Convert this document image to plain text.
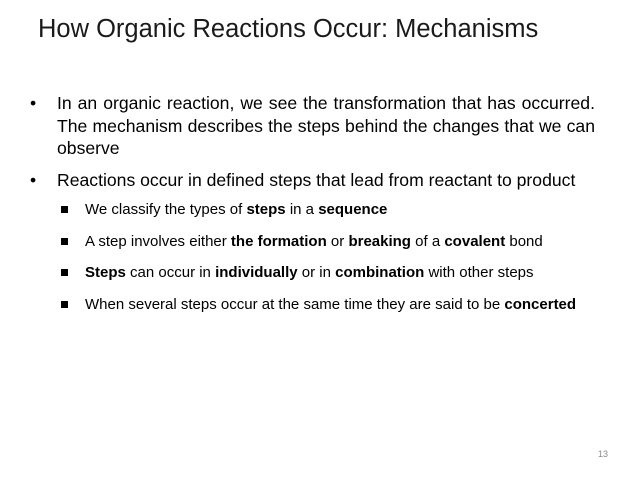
How Organic Reactions Occur: Mechanisms
• In an organic reaction, we see the transformation that has occurred. The mechanism describes the steps behind the changes that we can observe
• Reactions occur in defined steps that lead from reactant to product
We classify the types of steps in a sequence
A step involves either the formation or breaking of a covalent bond
Steps can occur in individually or in combination with other steps
When several steps occur at the same time they are said to be concerted
13
